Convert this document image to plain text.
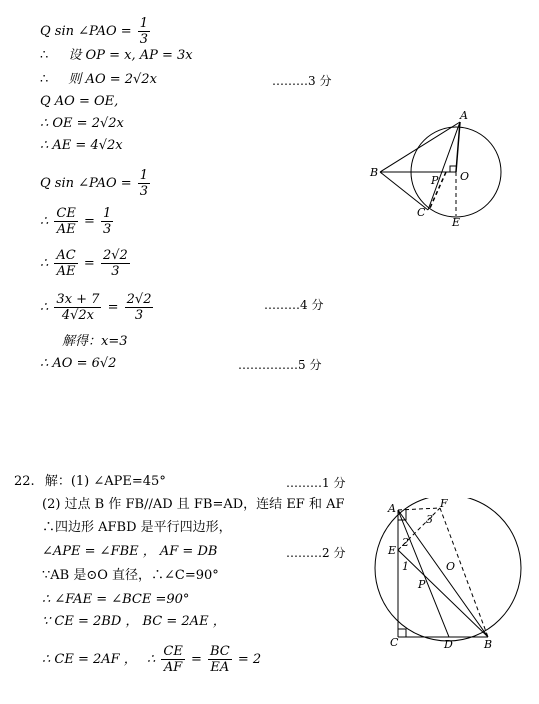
Q sin ∠PAO = $\frac{1}{3}$
∴ 设 OP = x, AP = 3x
∴ 则 AO = 2√2x	………3 分
Q AO = OE,
∴ OE = 2√2x
∴ AE = 4√2x
Q sin ∠PAO = $\frac{1}{3}$
∴ $\frac{CE}{AE} = \frac{1}{3}$
∴ $\frac{AC}{AE} = \frac{2√2}{3}$
∴ $\frac{3x + 7}{4√2x} = \frac{2√2}{3}$	………4 分
解得：x=3
∴ AO = 6√2	……………5 分
A
B
P O
C
E
22. 解：(1) ∠APE=45°	………1 分
(2) 过点 B 作 FB//AD 且 FB=AD，连结 EF 和 AF
∴四边形 AFBD 是平行四边形，
∠APE = ∠FBE ， AF = DB	………2 分
∵AB 是⊙O 直径，∴∠C=90°
∴ ∠FAE = ∠BCE =90°
∵ CE = 2BD ， BC = 2AE ，
∴ CE = 2AF ， ∴ $\frac{CE}{AF} = \frac{BC}{EA} = 2$
A	F
3
2
E
1	O
P
C	D	B
